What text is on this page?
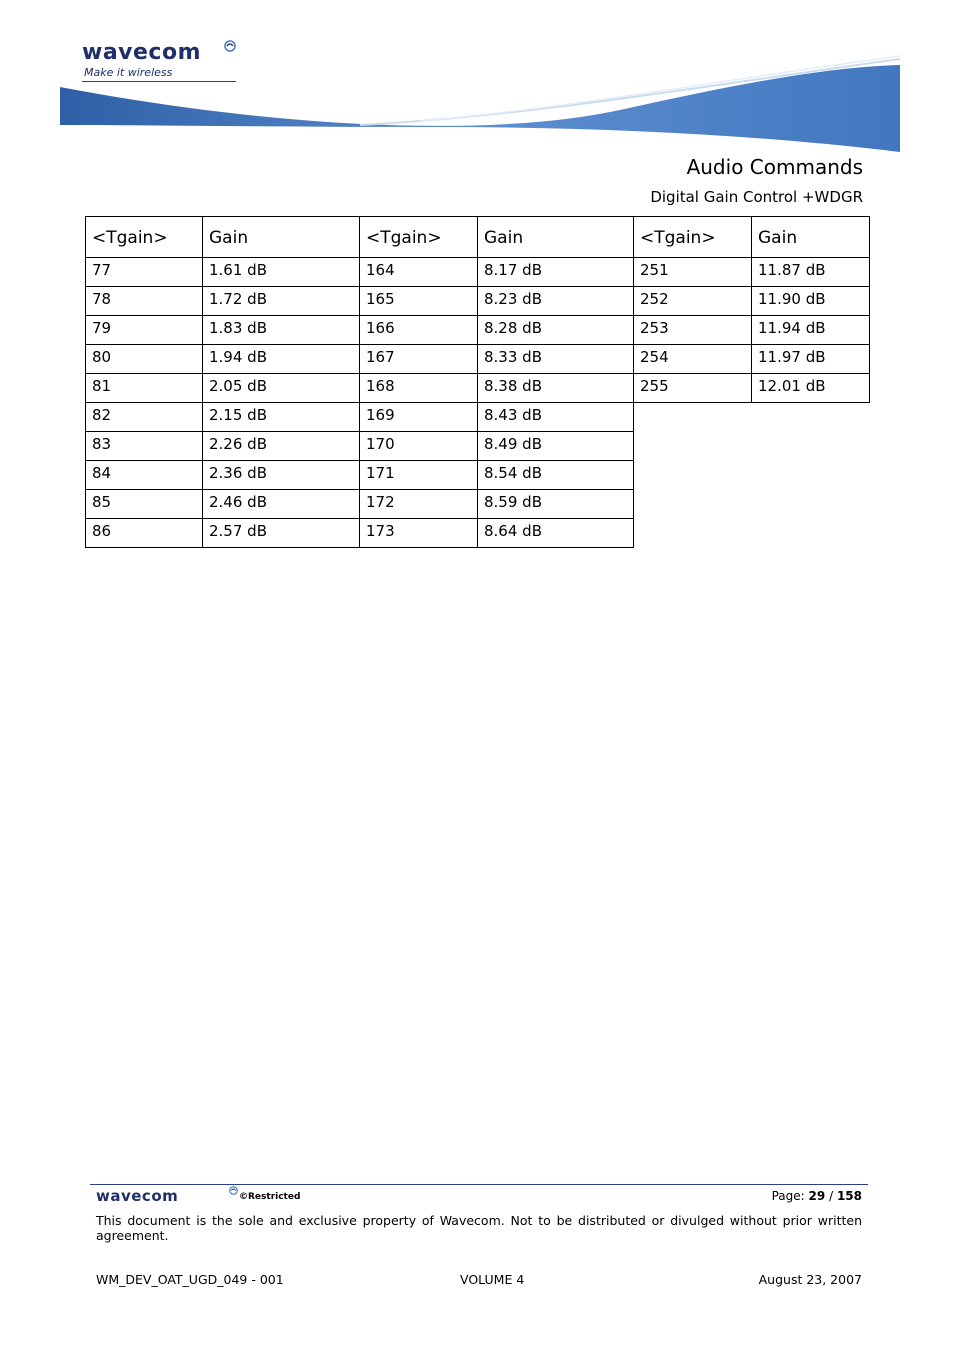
wavecom
Make it wireless
Audio Commands
Digital Gain Control +WDGR
<Tgain>	Gain	<Tgain>	Gain	<Tgain>	Gain
77	1.61 dB	164	8.17 dB	251	11.87 dB
78	1.72 dB	165	8.23 dB	252	11.90 dB
79	1.83 dB	166	8.28 dB	253	11.94 dB
80	1.94 dB	167	8.33 dB	254	11.97 dB
81	2.05 dB	168	8.38 dB	255	12.01 dB
82	2.15 dB	169	8.43 dB		
83	2.26 dB	170	8.49 dB		
84	2.36 dB	171	8.54 dB		
85	2.46 dB	172	8.59 dB		
86	2.57 dB	173	8.64 dB		
wavecom	©Restricted	Page: 29 / 158
This document is the sole and exclusive property of Wavecom. Not to be distributed or divulged without prior written agreement.
WM_DEV_OAT_UGD_049 - 001	VOLUME 4	August 23, 2007
